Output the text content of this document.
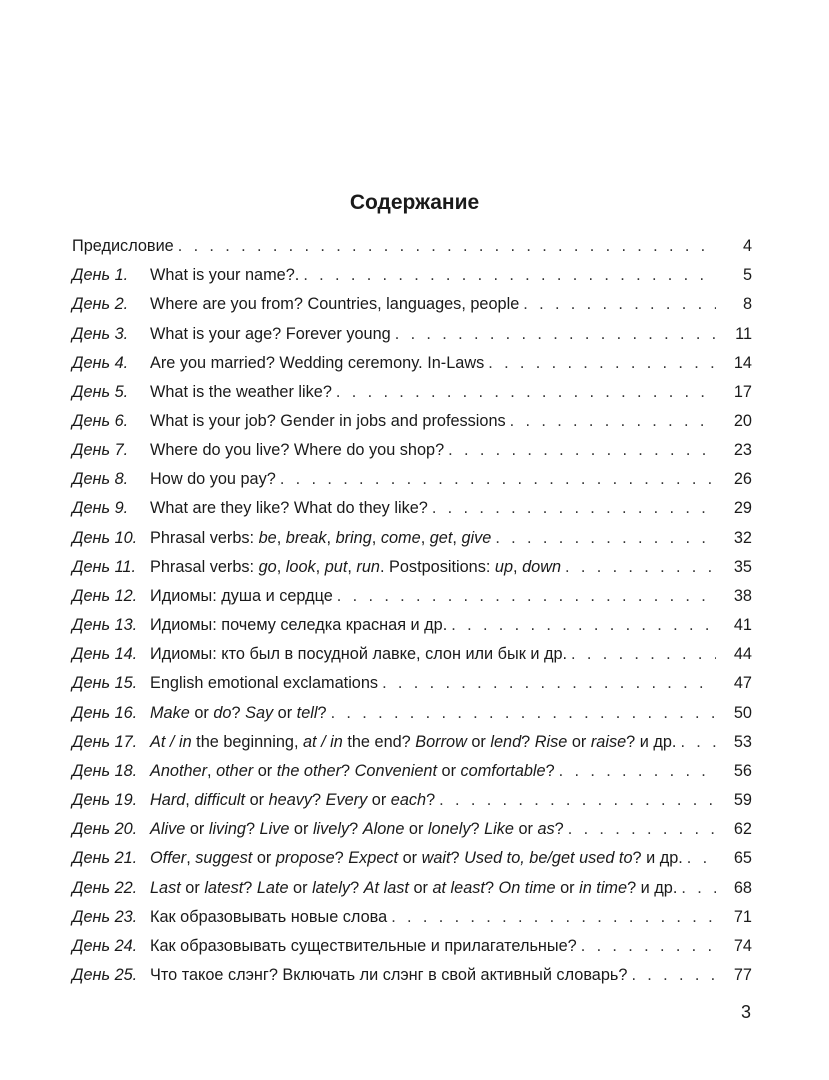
Содержание
Предисловие . . .	4
День 1.	What is your name?. . . .	5
День 2.	Where are you from? Countries, languages, people . . .	8
День 3.	What is your age? Forever young . . .	11
День 4.	Are you married? Wedding ceremony. In-Laws . . .	14
День 5.	What is the weather like? . . .	17
День 6.	What is your job? Gender in jobs and professions . . .	20
День 7.	Where do you live? Where do you shop? . . .	23
День 8.	How do you pay? . . .	26
День 9.	What are they like? What do they like? . . .	29
День 10. Phrasal verbs: be, break, bring, come, get, give . . .	32
День 11. Phrasal verbs: go, look, put, run. Postpositions: up, down . . .	35
День 12. Идиомы: душа и сердце . . .	38
День 13. Идиомы: почему селедка красная и др. . . .	41
День 14. Идиомы: кто был в посудной лавке, слон или бык и др. . . .	44
День 15. English emotional exclamations . . .	47
День 16. Make or do? Say or tell? . . .	50
День 17. At / in the beginning, at / in the end? Borrow or lend? Rise or raise? и др. . . .	53
День 18. Another, other or the other? Convenient or comfortable? . . .	56
День 19. Hard, difficult or heavy? Every or each? . . .	59
День 20. Alive or living? Live or lively? Alone or lonely? Like or as? . . .	62
День 21. Offer, suggest or propose? Expect or wait? Used to, be/get used to? и др. . . .	65
День 22. Last or latest? Late or lately? At last or at least? On time or in time? и др. . . .	68
День 23. Как образовывать новые слова . . .	71
День 24. Как образовывать существительные и прилагательные? . . .	74
День 25. Что такое слэнг? Включать ли слэнг в свой активный словарь? . . .	77
3
